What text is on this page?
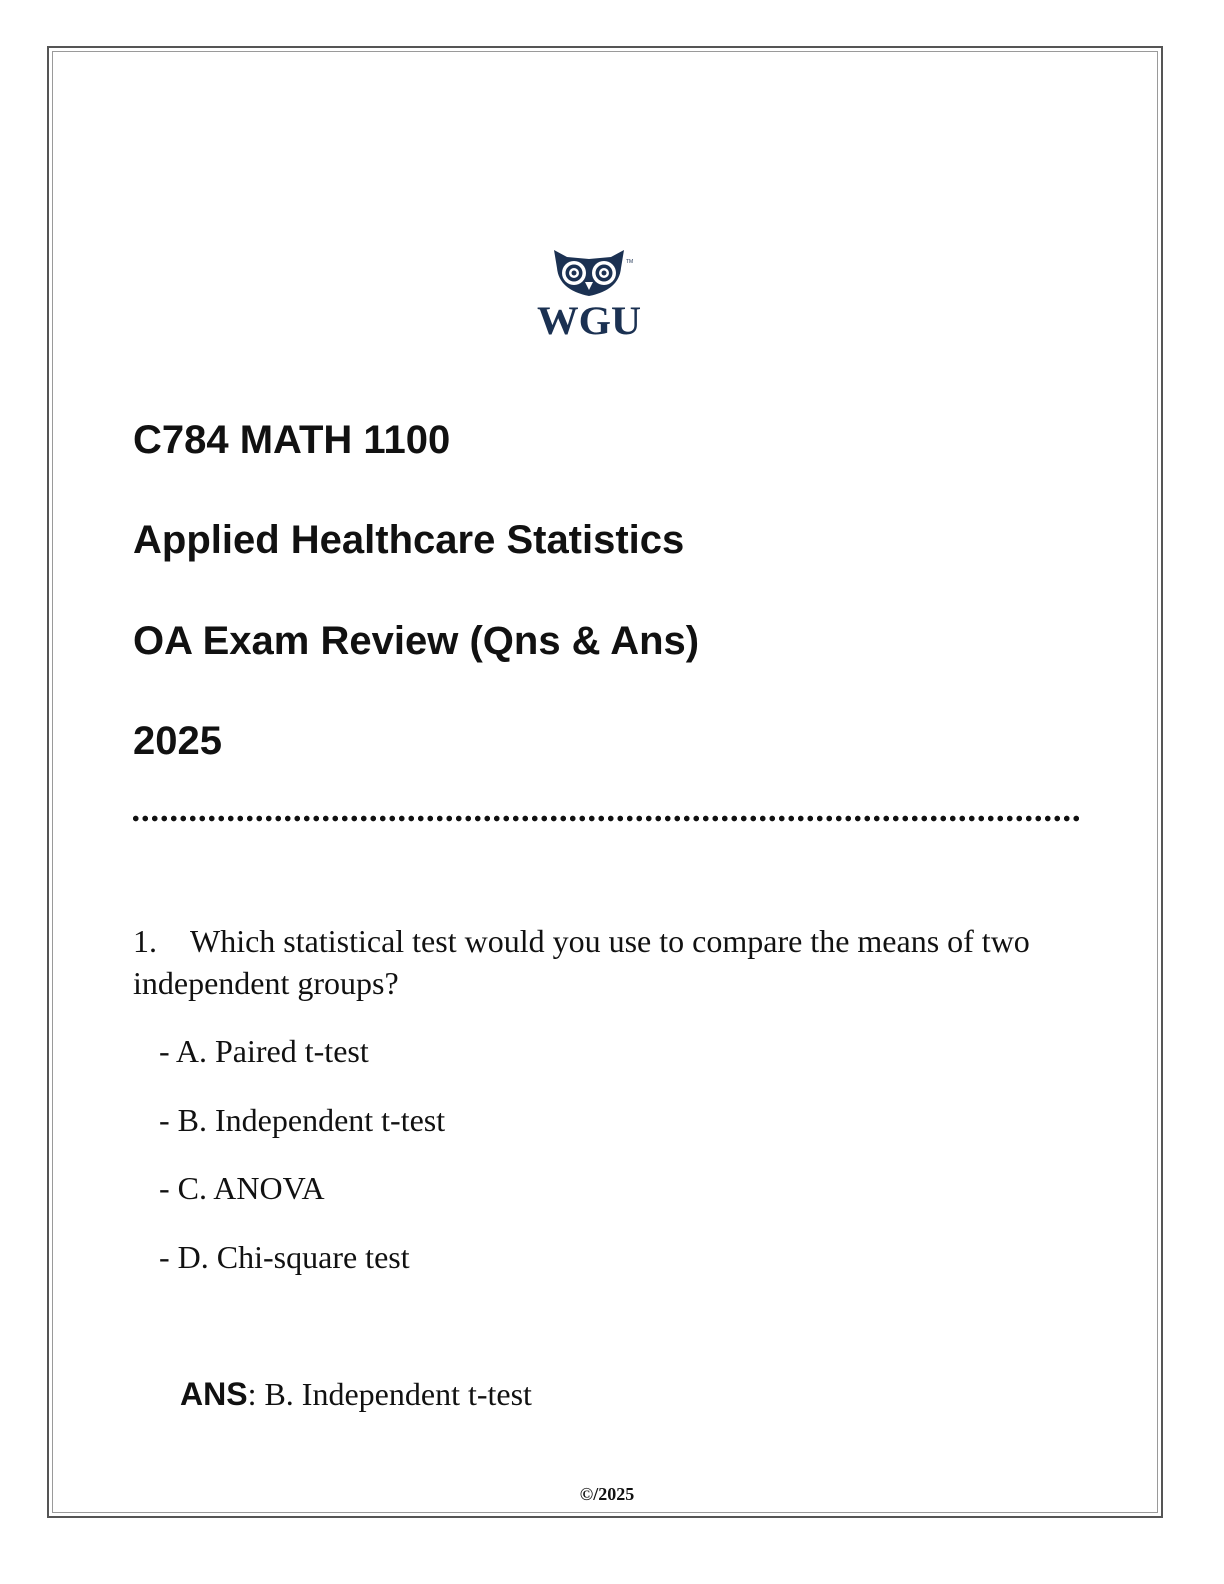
TM
WGU
C784 MATH 1100
Applied Healthcare Statistics
OA Exam Review (Qns & Ans)
2025

1. Which statistical test would you use to compare the means of two independent groups?

- A. Paired t-test

- B. Independent t-test

- C. ANOVA

- D. Chi-square test

ANS: B. Independent t-test

©/2025
